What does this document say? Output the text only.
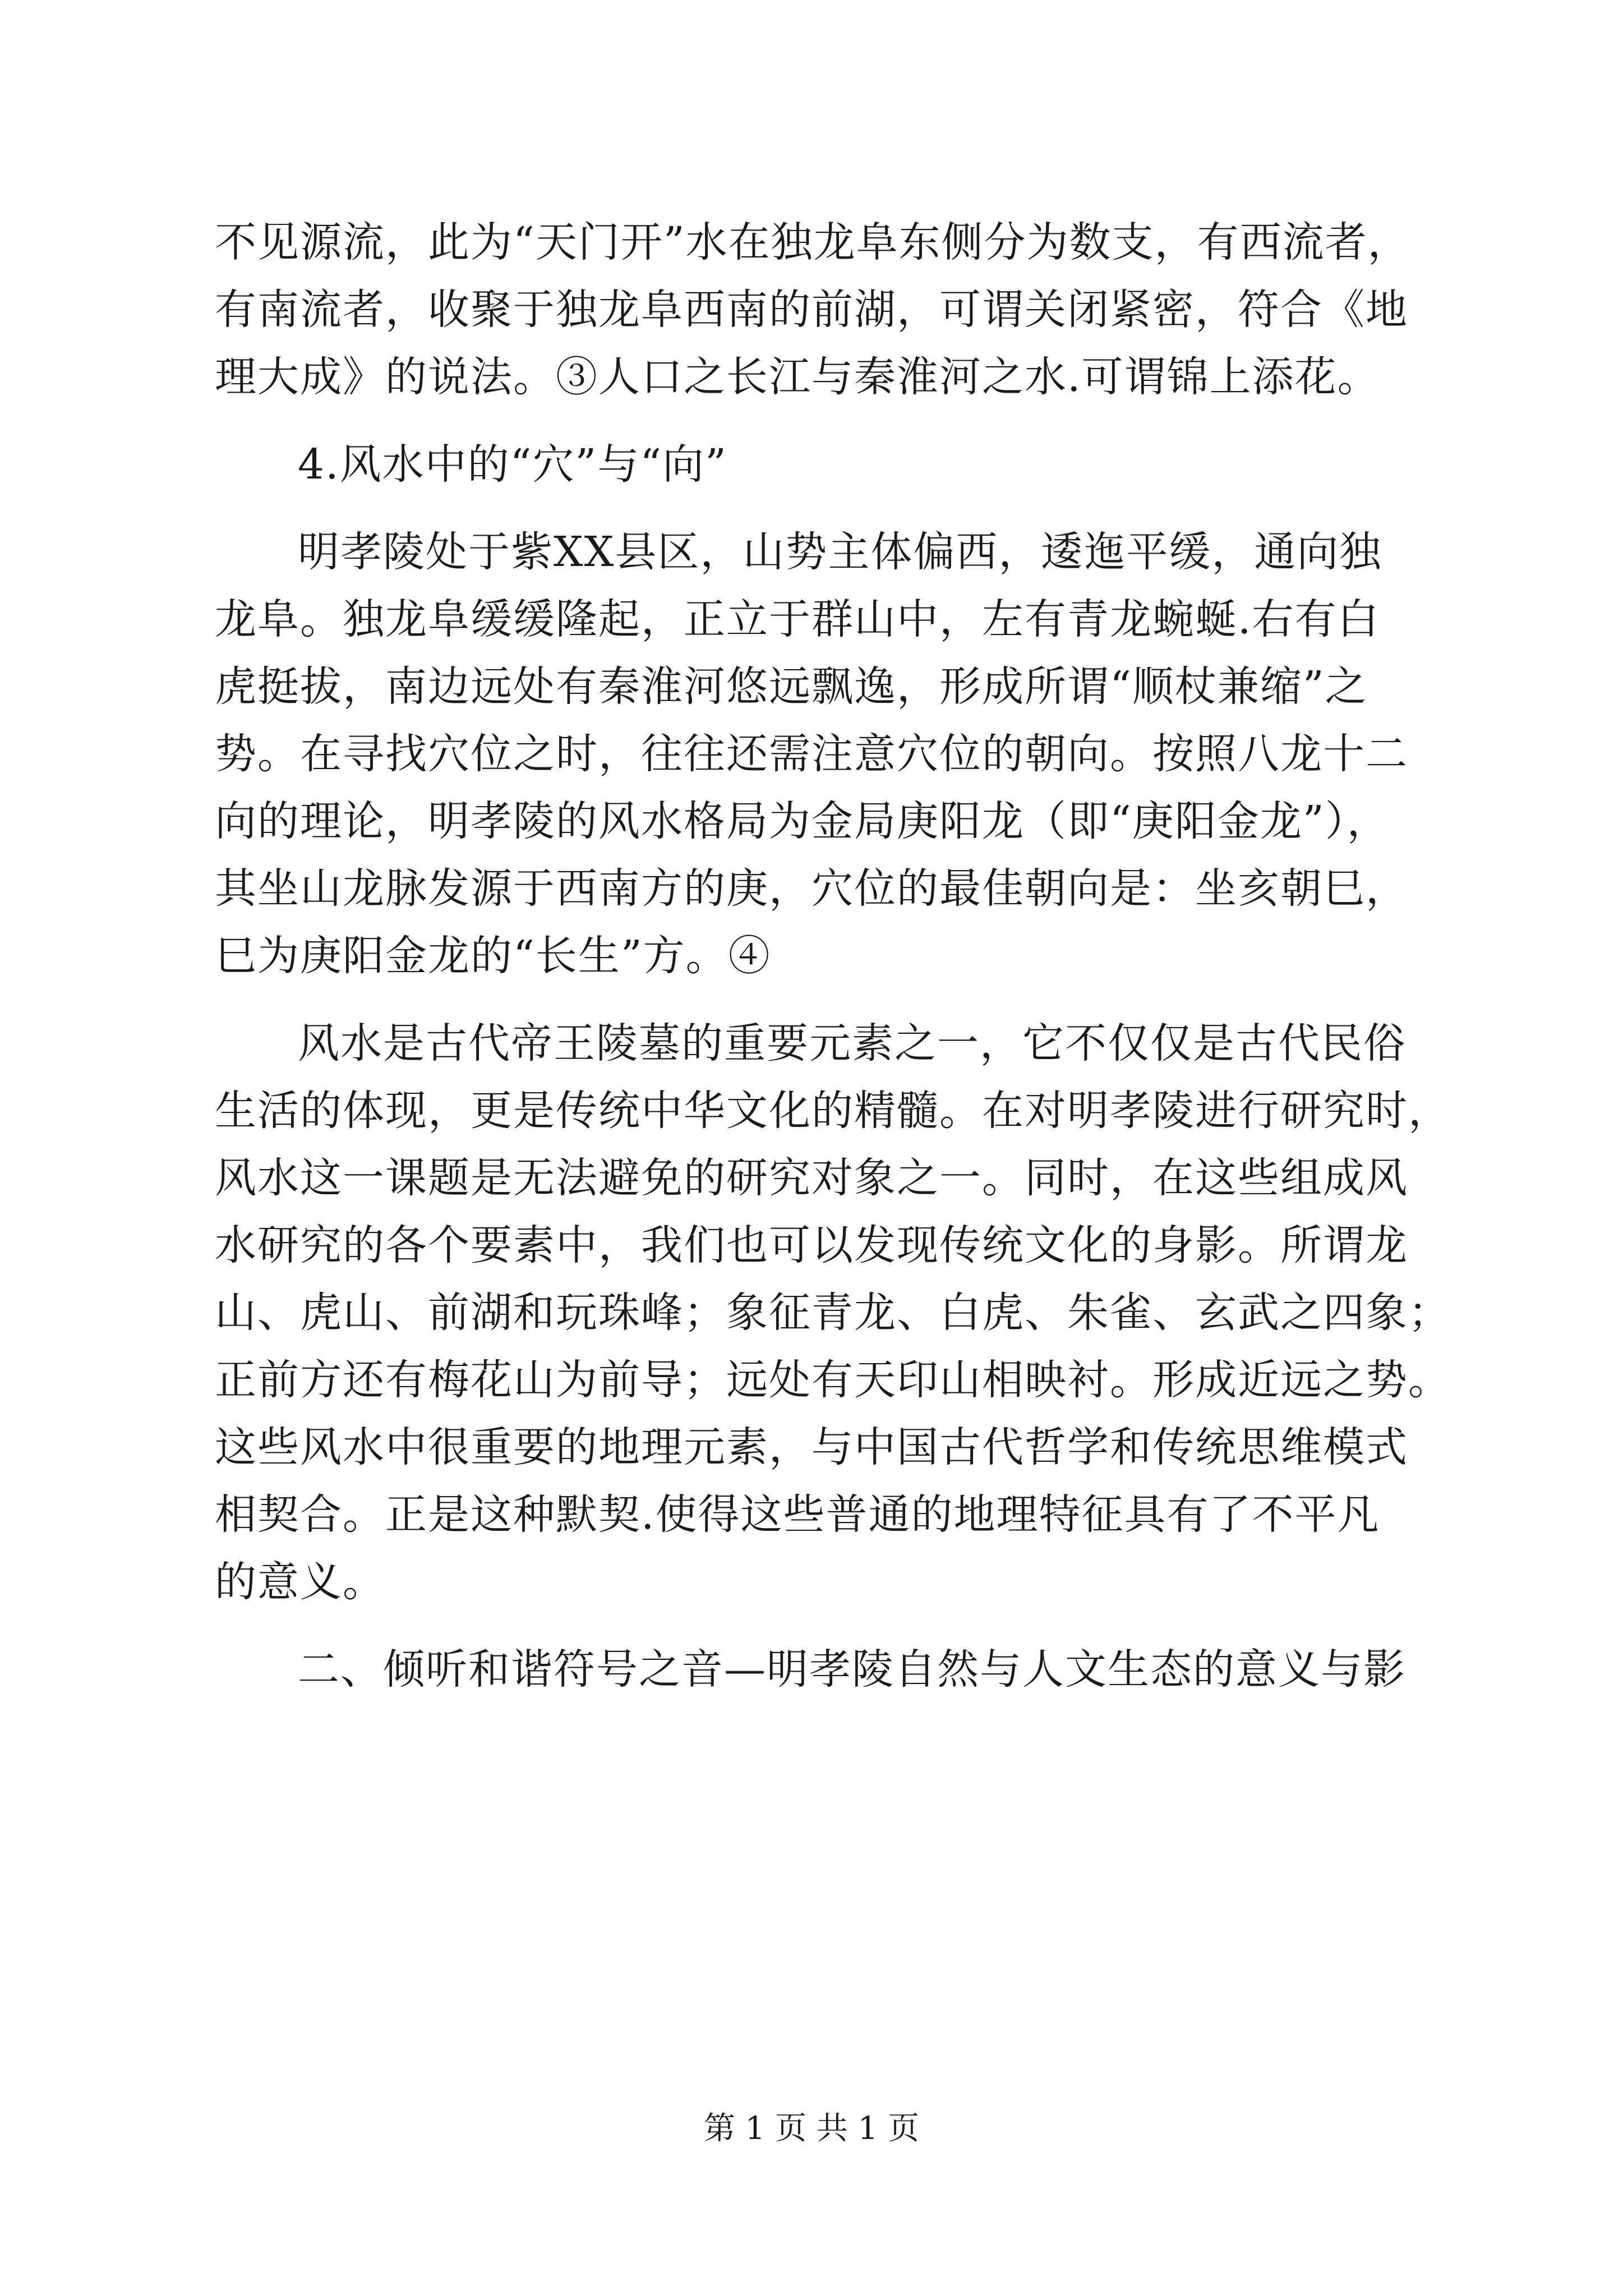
不见源流，此为“天门开”水在独龙阜东侧分为数支，有西流者，
有南流者，收聚于独龙阜西南的前湖，可谓关闭紧密，符合《地
理大成》的说法。③人口之长江与秦淮河之水.可谓锦上添花。
4.风水中的“穴”与“向”
明孝陵处于紫XX县区，山势主体偏西，逶迤平缓，通向独
龙阜。独龙阜缓缓隆起，正立于群山中，左有青龙蜿蜒.右有白
虎挺拔，南边远处有秦淮河悠远飘逸，形成所谓“顺杖兼缩”之
势。在寻找穴位之时，往往还需注意穴位的朝向。按照八龙十二
向的理论，明孝陵的风水格局为金局庚阳龙（即“庚阳金龙”），
其坐山龙脉发源于西南方的庚，穴位的最佳朝向是：坐亥朝巳，
巳为庚阳金龙的“长生”方。④
风水是古代帝王陵墓的重要元素之一，它不仅仅是古代民俗
生活的体现，更是传统中华文化的精髓。在对明孝陵进行研究时，
风水这一课题是无法避免的研究对象之一。同时，在这些组成风
水研究的各个要素中，我们也可以发现传统文化的身影。所谓龙
山、虎山、前湖和玩珠峰；象征青龙、白虎、朱雀、玄武之四象；
正前方还有梅花山为前导；远处有天印山相映衬。形成近远之势。
这些风水中很重要的地理元素，与中国古代哲学和传统思维模式
相契合。正是这种默契.使得这些普通的地理特征具有了不平凡
的意义。
二、倾听和谐符号之音—明孝陵自然与人文生态的意义与影
第 1 页 共 1 页
